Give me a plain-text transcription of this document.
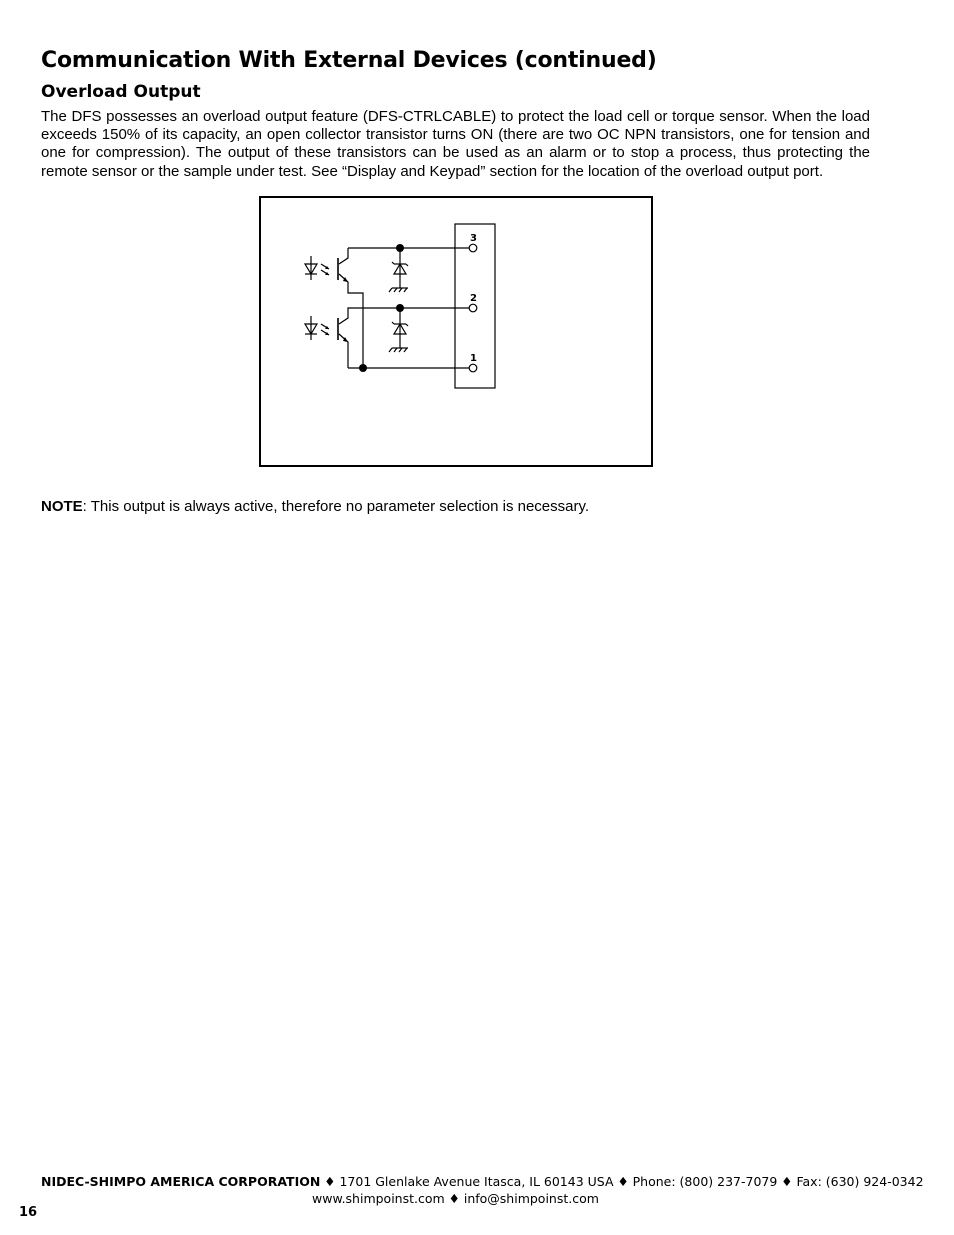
Communication With External Devices (continued)
Overload Output

The DFS possesses an overload output feature (DFS-CTRLCABLE) to protect the load cell or torque sensor. When the load exceeds 150% of its capacity, an open collector transistor turns ON (there are two OC NPN transistors, one for tension and one for compression). The output of these transistors can be used as an alarm or to stop a process, thus protecting the remote sensor or the sample under test. See “Display and Keypad” section for the location of the overload output port.

3
2
1

NOTE: This output is always active, therefore no parameter selection is necessary.

NIDEC-SHIMPO AMERICA CORPORATION ♦ 1701 Glenlake Avenue Itasca, IL 60143 USA ♦ Phone: (800) 237-7079 ♦ Fax: (630) 924-0342
www.shimpoinst.com ♦ info@shimpoinst.com
16
